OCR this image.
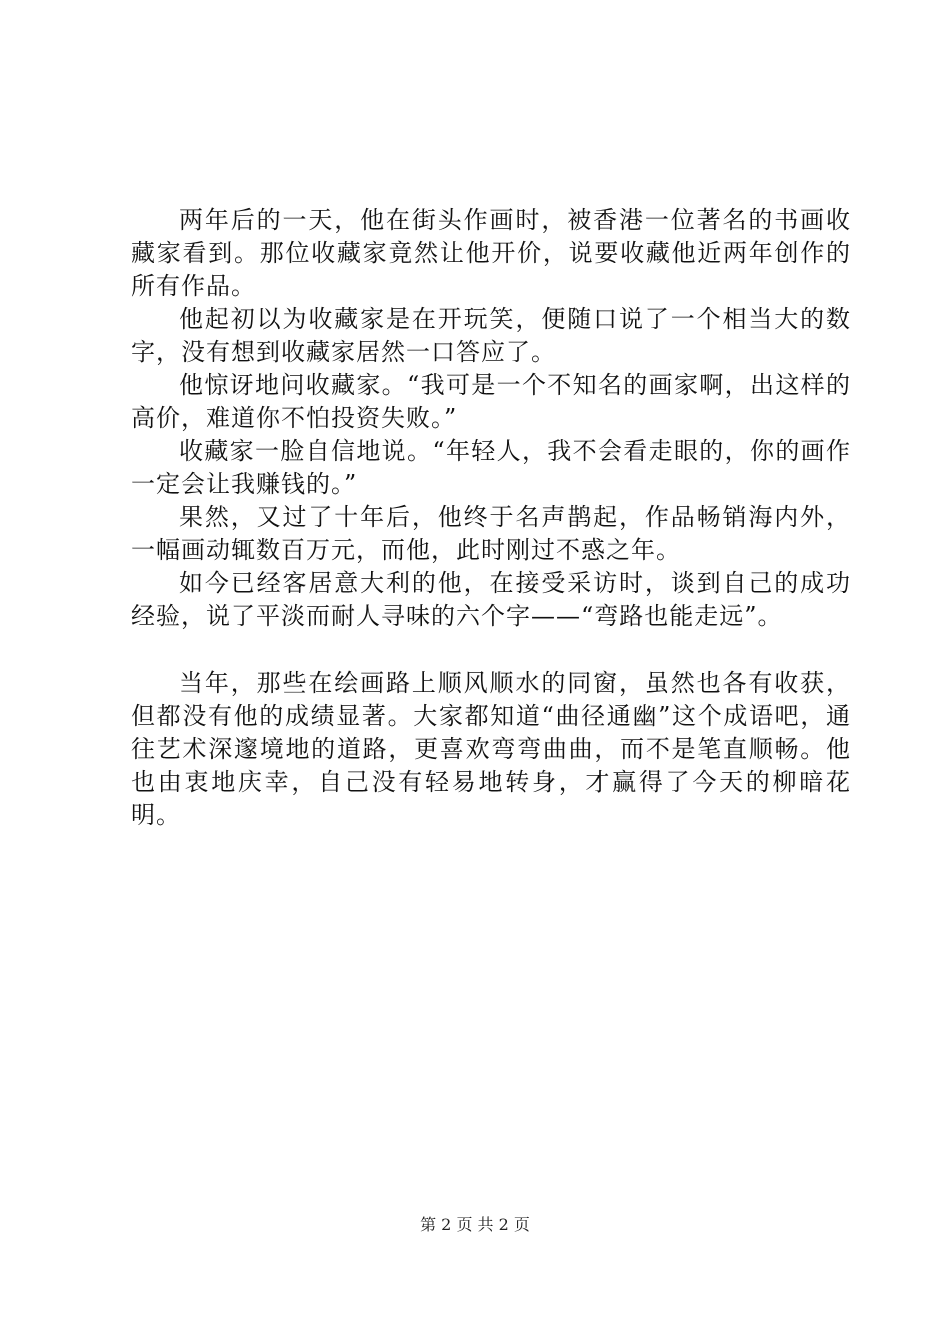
两年后的一天，他在街头作画时，被香港一位著名的书画收藏家看到。那位收藏家竟然让他开价，说要收藏他近两年创作的所有作品。

他起初以为收藏家是在开玩笑，便随口说了一个相当大的数字，没有想到收藏家居然一口答应了。

他惊讶地问收藏家。“我可是一个不知名的画家啊，出这样的高价，难道你不怕投资失败。”

收藏家一脸自信地说。“年轻人，我不会看走眼的，你的画作一定会让我赚钱的。”

果然，又过了十年后，他终于名声鹊起，作品畅销海内外，一幅画动辄数百万元，而他，此时刚过不惑之年。

如今已经客居意大利的他，在接受采访时，谈到自己的成功经验，说了平淡而耐人寻味的六个字——“弯路也能走远”。

当年，那些在绘画路上顺风顺水的同窗，虽然也各有收获，但都没有他的成绩显著。大家都知道“曲径通幽”这个成语吧，通往艺术深邃境地的道路，更喜欢弯弯曲曲，而不是笔直顺畅。他也由衷地庆幸，自己没有轻易地转身，才赢得了今天的柳暗花明。

第 2 页 共 2 页
